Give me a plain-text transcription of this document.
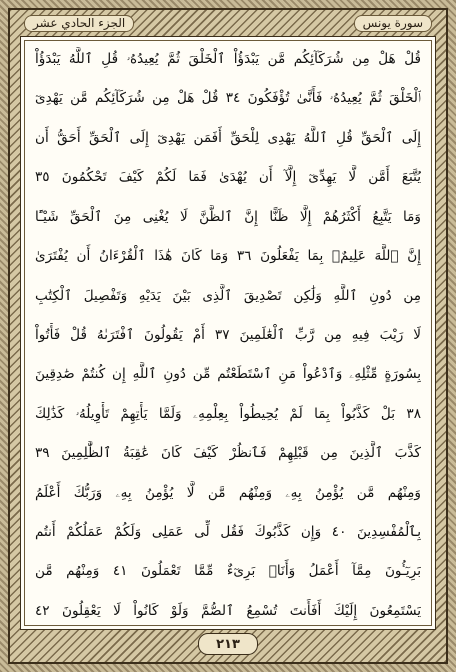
سورة يونس
الجزء الحادي عشر
قُلْ هَلْ مِن شُرَكَآئِكُم مَّن يَبْدَؤُاْ ٱلْخَلْقَ ثُمَّ يُعِيدُهُۥ قُلِ ٱللَّهُ يَبْدَؤُاْ
ٱلْخَلْقَ ثُمَّ يُعِيدُهُۥ فَأَنَّىٰ تُؤْفَكُونَ ٣٤ قُلْ هَلْ مِن شُرَكَآئِكُم مَّن يَهْدِىٓ
إِلَى ٱلْحَقِّ قُلِ ٱللَّهُ يَهْدِى لِلْحَقِّ أَفَمَن يَهْدِىٓ إِلَى ٱلْحَقِّ أَحَقُّ أَن
يُتَّبَعَ أَمَّن لَّا يَهِدِّىٓ إِلَّآ أَن يُهْدَىٰ فَمَا لَكُمْ كَيْفَ تَحْكُمُونَ ٣٥
وَمَا يَتَّبِعُ أَكْثَرُهُمْ إِلَّا ظَنًّا إِنَّ ٱلظَّنَّ لَا يُغْنِى مِنَ ٱلْحَقِّ شَيْـًٔا
إِنَّ ٱللَّهَ عَلِيمٌۢ بِمَا يَفْعَلُونَ ٣٦ وَمَا كَانَ هَٰذَا ٱلْقُرْءَانُ أَن يُفْتَرَىٰ
مِن دُونِ ٱللَّهِ وَلَٰكِن تَصْدِيقَ ٱلَّذِى بَيْنَ يَدَيْهِ وَتَفْصِيلَ ٱلْكِتَٰبِ
لَا رَيْبَ فِيهِ مِن رَّبِّ ٱلْعَٰلَمِينَ ٣٧ أَمْ يَقُولُونَ ٱفْتَرَىٰهُ قُلْ فَأْتُواْ
بِسُورَةٍ مِّثْلِهِۦ وَٱدْعُواْ مَنِ ٱسْتَطَعْتُم مِّن دُونِ ٱللَّهِ إِن كُنتُمْ صَٰدِقِينَ
٣٨ بَلْ كَذَّبُواْ بِمَا لَمْ يُحِيطُواْ بِعِلْمِهِۦ وَلَمَّا يَأْتِهِمْ تَأْوِيلُهُۥ كَذَٰلِكَ
كَذَّبَ ٱلَّذِينَ مِن قَبْلِهِمْ فَٱنظُرْ كَيْفَ كَانَ عَٰقِبَةُ ٱلظَّٰلِمِينَ ٣٩
وَمِنْهُم مَّن يُؤْمِنُ بِهِۦ وَمِنْهُم مَّن لَّا يُؤْمِنُ بِهِۦ وَرَبُّكَ أَعْلَمُ
بِٱلْمُفْسِدِينَ ٤٠ وَإِن كَذَّبُوكَ فَقُل لِّى عَمَلِى وَلَكُمْ عَمَلُكُمْ أَنتُم
بَرِيٓـُٔونَ مِمَّآ أَعْمَلُ وَأَنَا۠ بَرِىٓءٌ مِّمَّا تَعْمَلُونَ ٤١ وَمِنْهُم مَّن
يَسْتَمِعُونَ إِلَيْكَ أَفَأَنتَ تُسْمِعُ ٱلصُّمَّ وَلَوْ كَانُواْ لَا يَعْقِلُونَ ٤٢
٢١٣
